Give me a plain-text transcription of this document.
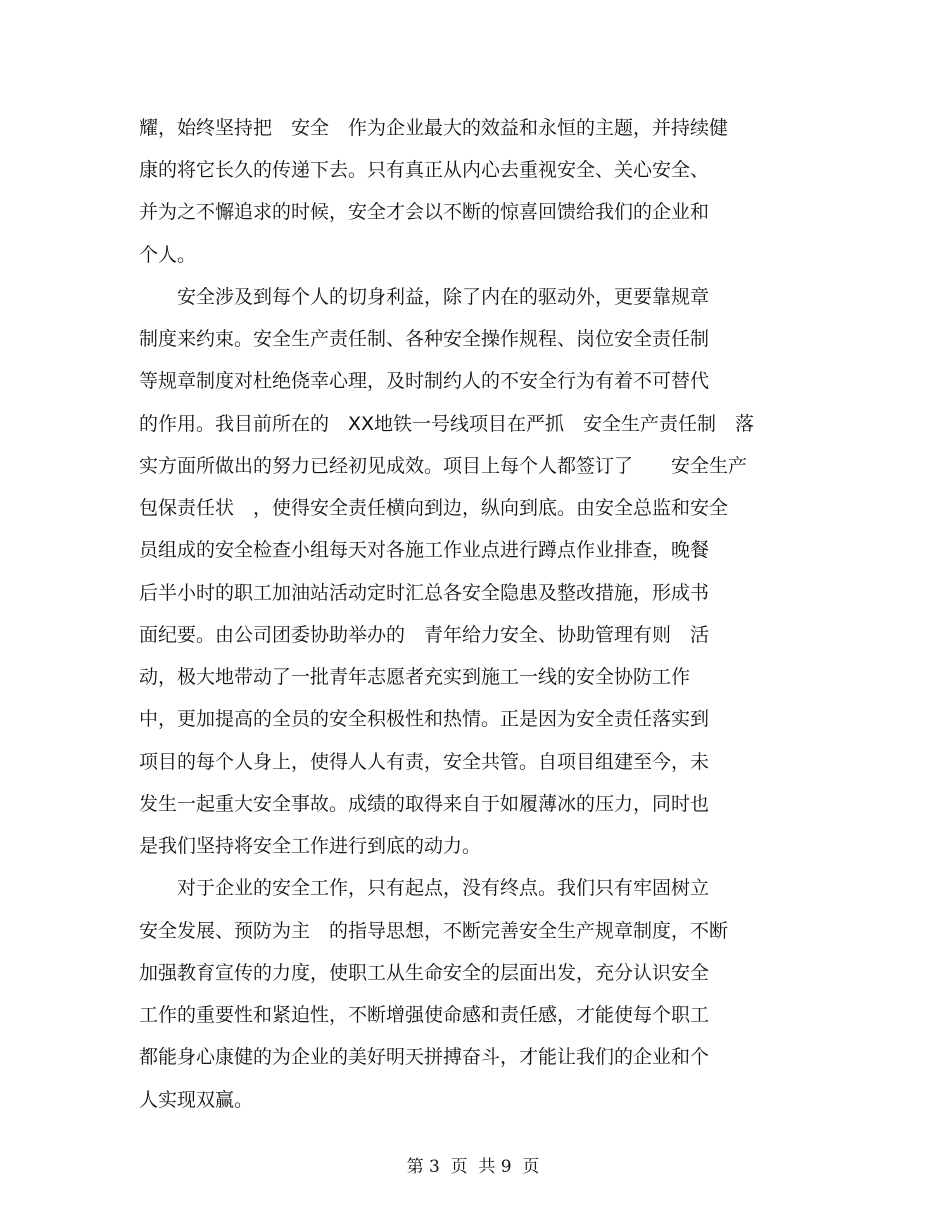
耀，始终坚持把　安全　作为企业最大的效益和永恒的主题，并持续健
康的将它长久的传递下去。只有真正从内心去重视安全、关心安全、
并为之不懈追求的时候，安全才会以不断的惊喜回馈给我们的企业和
个人。
　　安全涉及到每个人的切身利益，除了内在的驱动外，更要靠规章
制度来约束。安全生产责任制、各种安全操作规程、岗位安全责任制
等规章制度对杜绝侥幸心理，及时制约人的不安全行为有着不可替代
的作用。我目前所在的　XX地铁一号线项目在严抓　安全生产责任制　落
实方面所做出的努力已经初见成效。项目上每个人都签订了　　安全生产
包保责任状　，使得安全责任横向到边，纵向到底。由安全总监和安全
员组成的安全检查小组每天对各施工作业点进行蹲点作业排查，晚餐
后半小时的职工加油站活动定时汇总各安全隐患及整改措施，形成书
面纪要。由公司团委协助举办的　青年给力安全、协助管理有则　活
动，极大地带动了一批青年志愿者充实到施工一线的安全协防工作
中，更加提高的全员的安全积极性和热情。正是因为安全责任落实到
项目的每个人身上，使得人人有责，安全共管。自项目组建至今，未
发生一起重大安全事故。成绩的取得来自于如履薄冰的压力，同时也
是我们坚持将安全工作进行到底的动力。
　　对于企业的安全工作，只有起点，没有终点。我们只有牢固树立
安全发展、预防为主　的指导思想，不断完善安全生产规章制度，不断
加强教育宣传的力度，使职工从生命安全的层面出发，充分认识安全
工作的重要性和紧迫性，不断增强使命感和责任感，才能使每个职工
都能身心康健的为企业的美好明天拼搏奋斗，才能让我们的企业和个
人实现双赢。
第 3  页  共 9  页
